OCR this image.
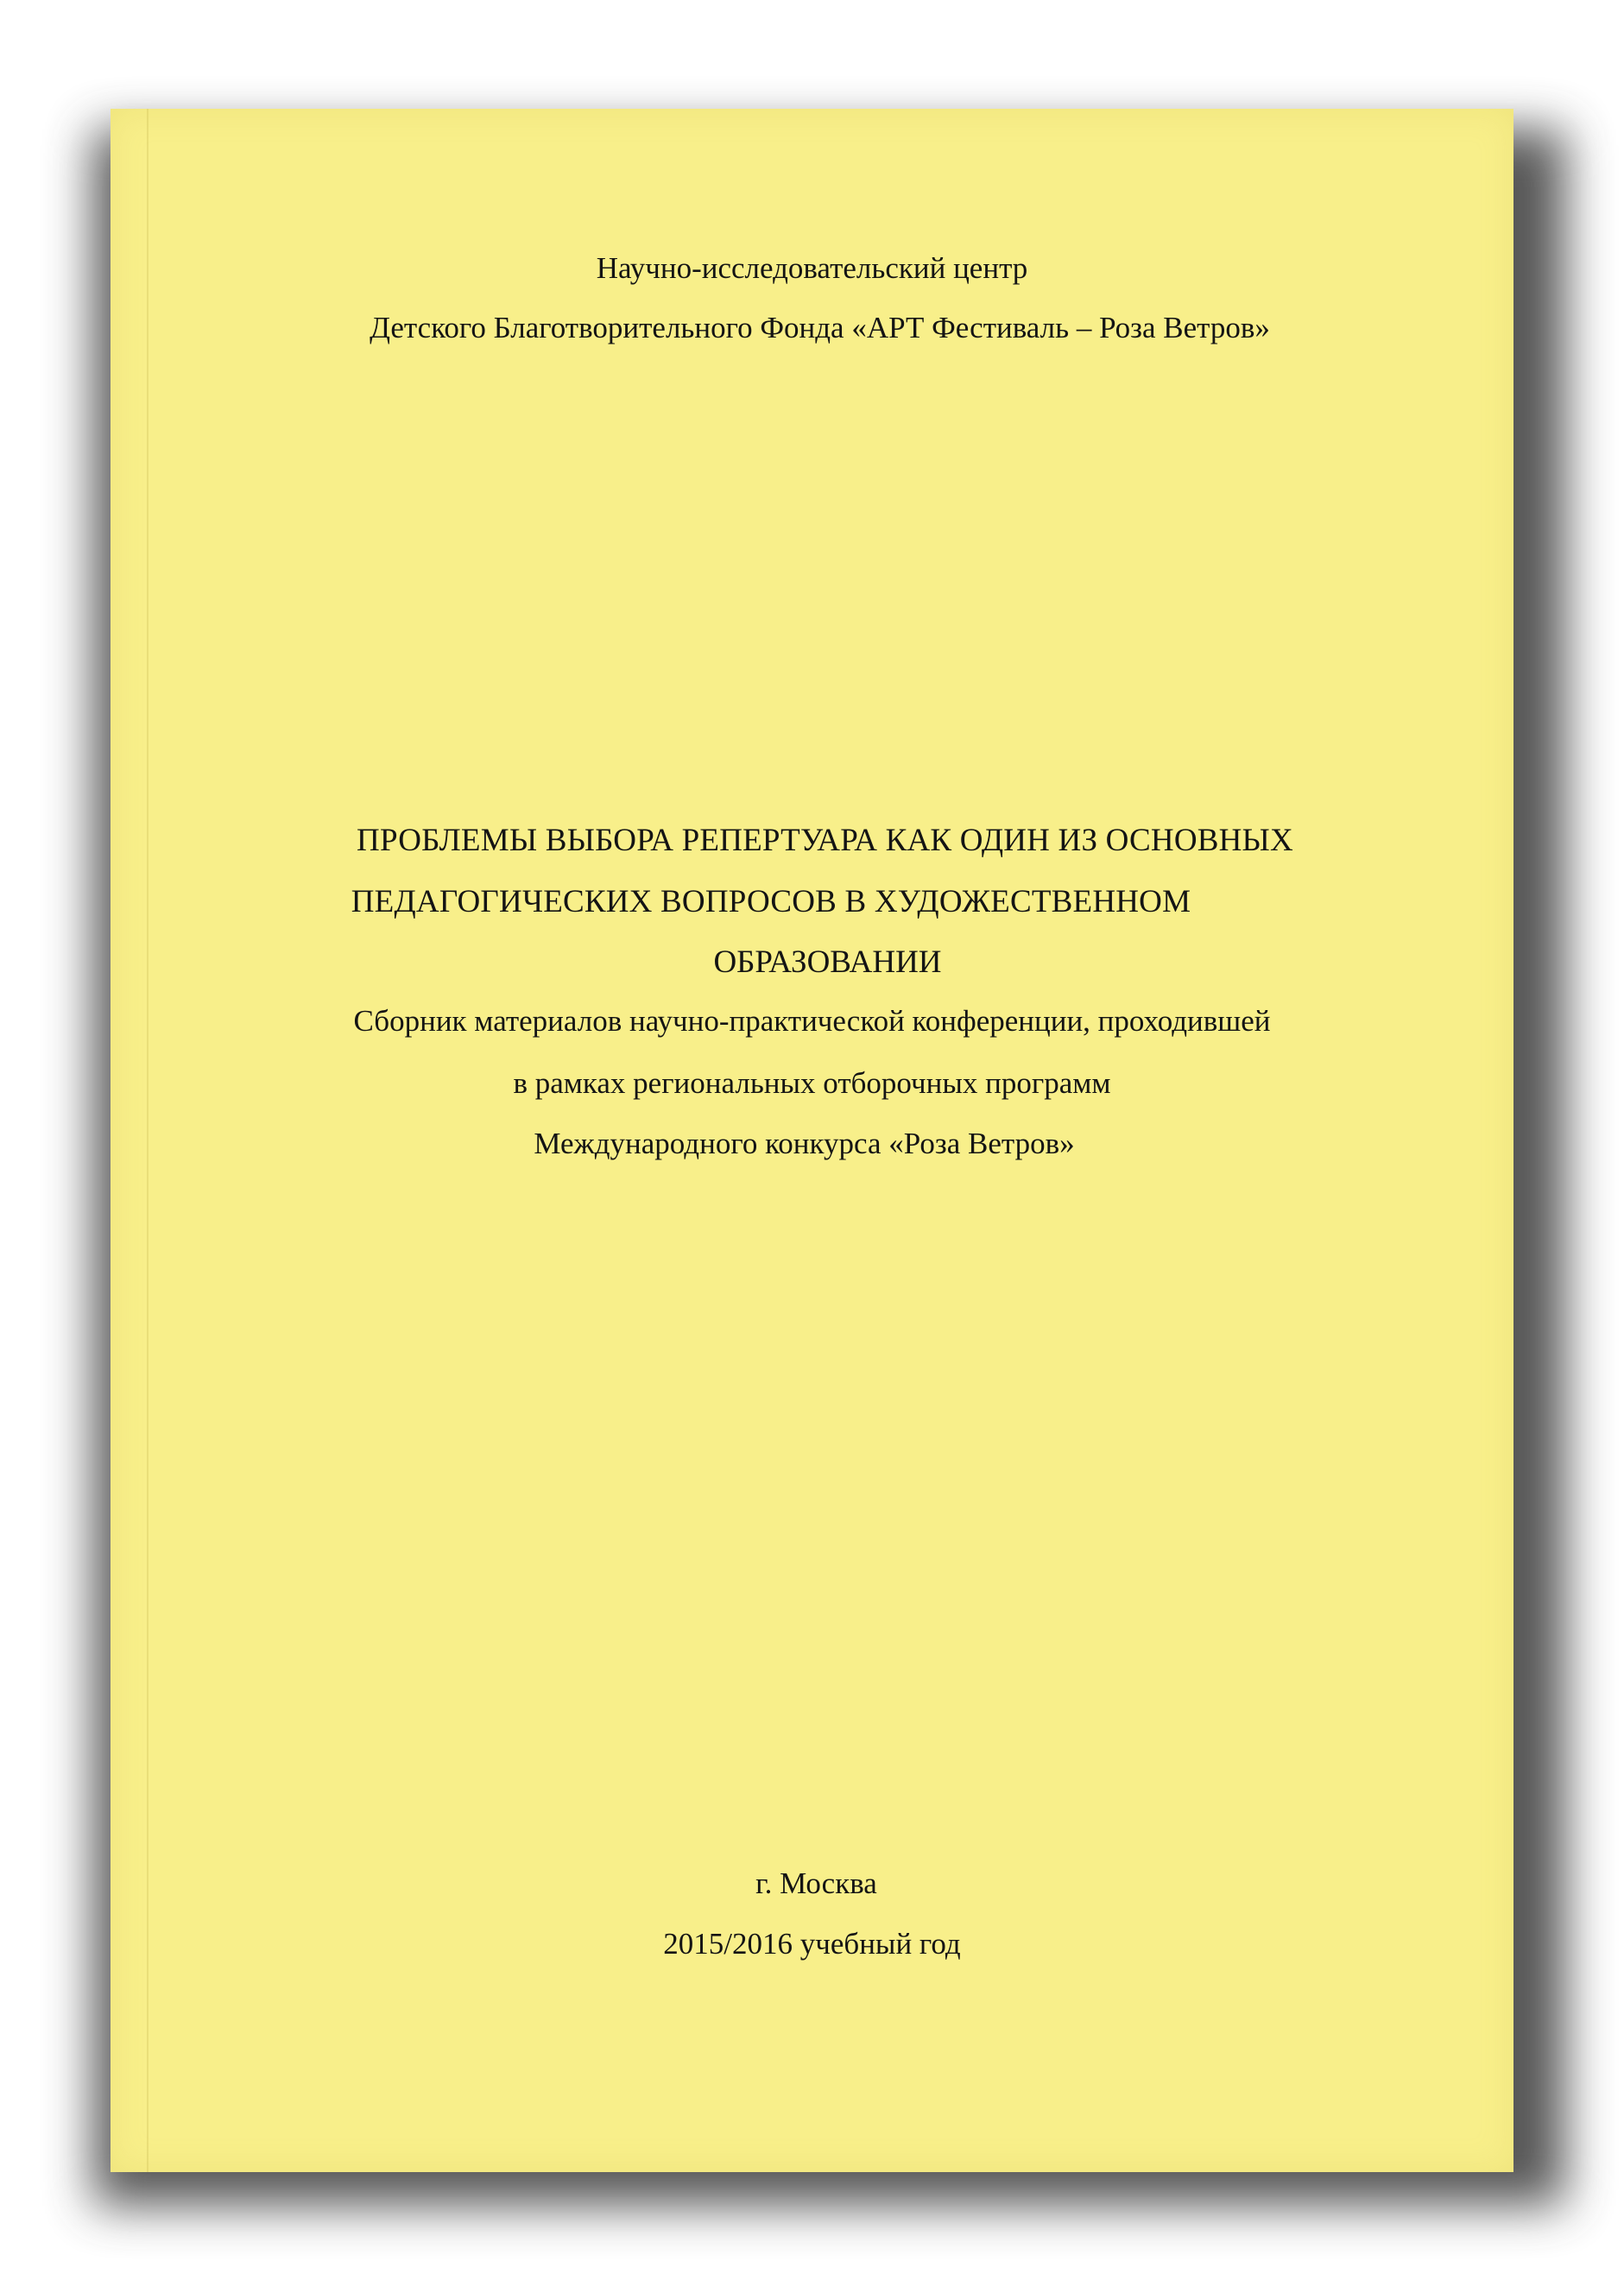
Научно-исследовательский центр
Детского Благотворительного Фонда «АРТ Фестиваль – Роза Ветров»
ПРОБЛЕМЫ ВЫБОРА РЕПЕРТУАРА КАК ОДИН ИЗ ОСНОВНЫХ
ПЕДАГОГИЧЕСКИХ ВОПРОСОВ В ХУДОЖЕСТВЕННОМ
ОБРАЗОВАНИИ
Сборник материалов научно-практической конференции, проходившей
в рамках региональных отборочных программ
Международного конкурса «Роза Ветров»
г. Москва
2015/2016 учебный год
